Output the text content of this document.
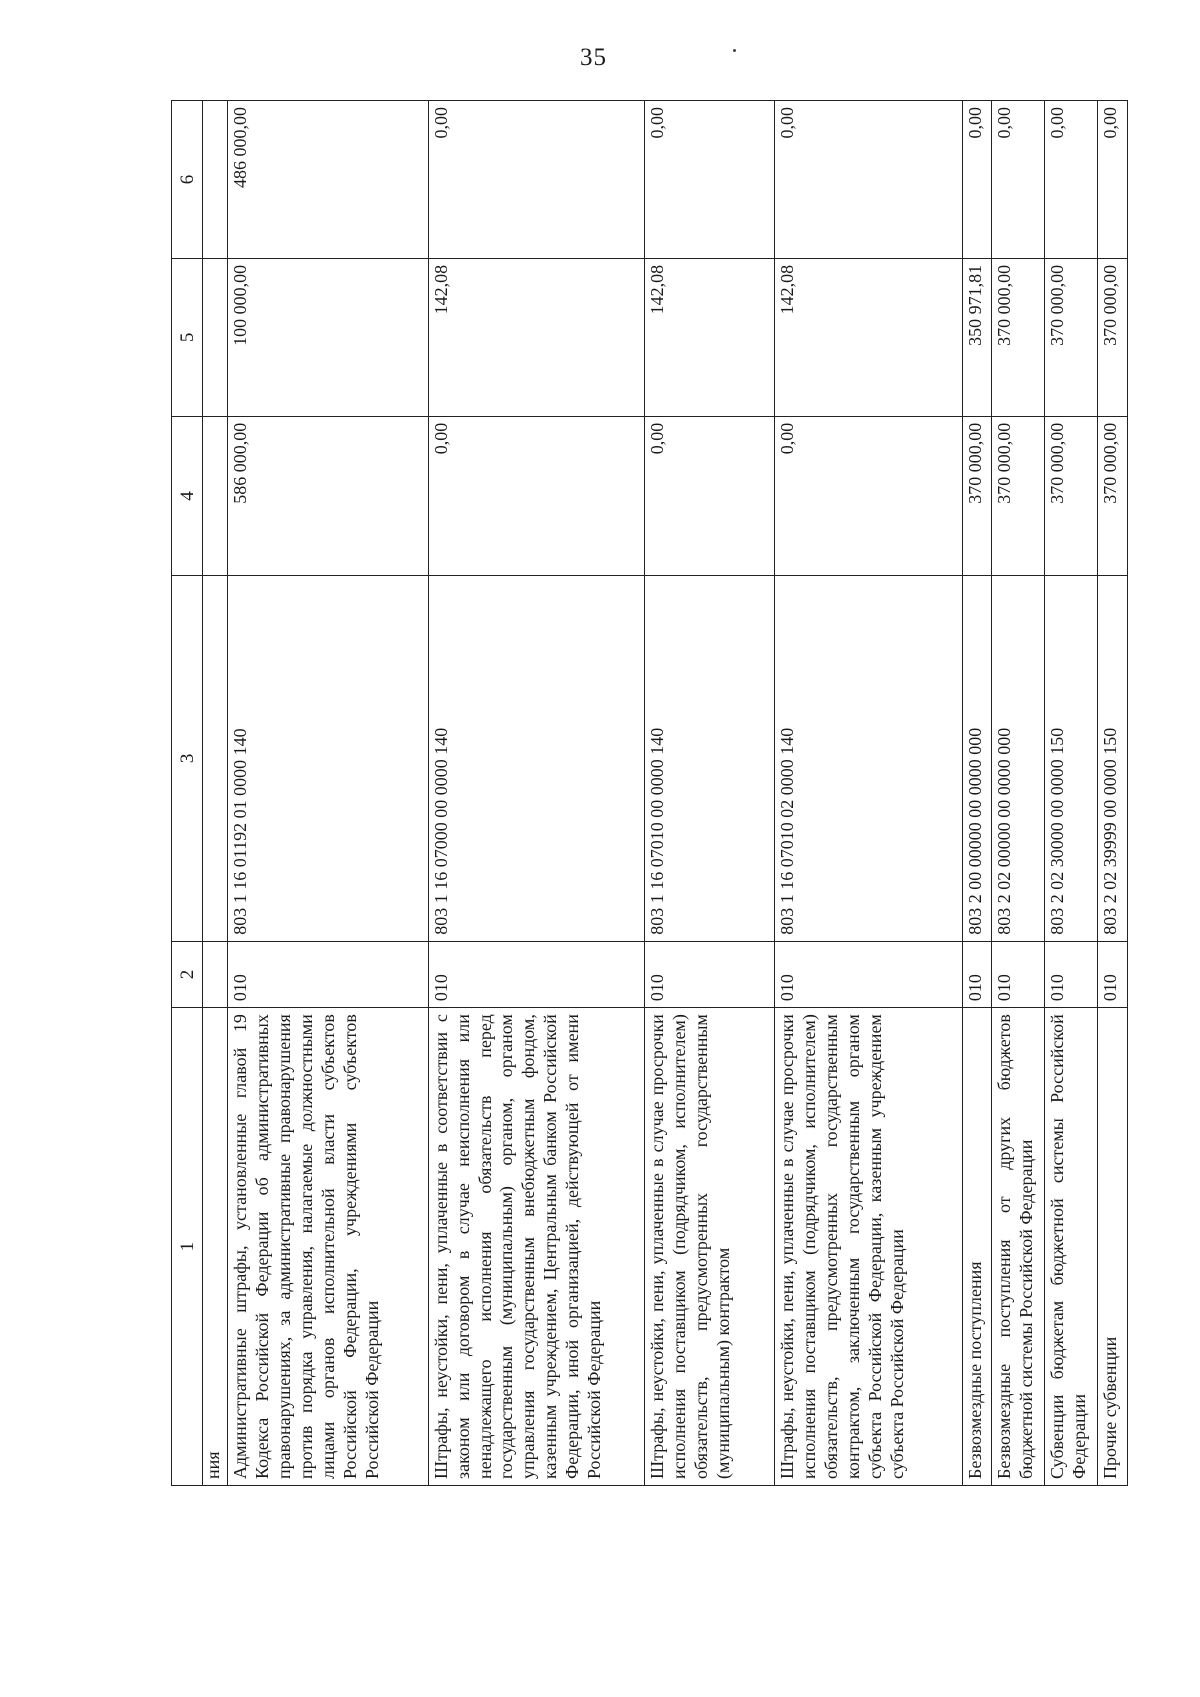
35
1	2	3	4	5	6
ния					
Административные штрафы, установленные главой 19 Кодекса Российской Федерации об административных правонарушениях, за административные правонарушения против порядка управления, налагаемые должностными лицами органов исполнительной власти субъектов Российской Федерации, учреждениями субъектов Российской Федерации	010	803 1 16 01192 01 0000 140	586 000,00	100 000,00	486 000,00
Штрафы, неустойки, пени, уплаченные в соответствии с законом или договором в случае неисполнения или ненадлежащего исполнения обязательств перед государственным (муниципальным) органом, органом управления государственным внебюджетным фондом, казенным учреждением, Центральным банком Российской Федерации, иной организацией, действующей от имени Российской Федерации	010	803 1 16 07000 00 0000 140	0,00	142,08	0,00
Штрафы, неустойки, пени, уплаченные в случае просрочки исполнения поставщиком (подрядчиком, исполнителем) обязательств, предусмотренных государственным (муниципальным) контрактом	010	803 1 16 07010 00 0000 140	0,00	142,08	0,00
Штрафы, неустойки, пени, уплаченные в случае просрочки исполнения поставщиком (подрядчиком, исполнителем) обязательств, предусмотренных государственным контрактом, заключенным государственным органом субъекта Российской Федерации, казенным учреждением субъекта Российской Федерации	010	803 1 16 07010 02 0000 140	0,00	142,08	0,00
Безвозмездные поступления	010	803 2 00 00000 00 0000 000	370 000,00	350 971,81	0,00
Безвозмездные поступления от других бюджетов бюджетной системы Российской Федерации	010	803 2 02 00000 00 0000 000	370 000,00	370 000,00	0,00
Субвенции бюджетам бюджетной системы Российской Федерации	010	803 2 02 30000 00 0000 150	370 000,00	370 000,00	0,00
Прочие субвенции	010	803 2 02 39999 00 0000 150	370 000,00	370 000,00	0,00
